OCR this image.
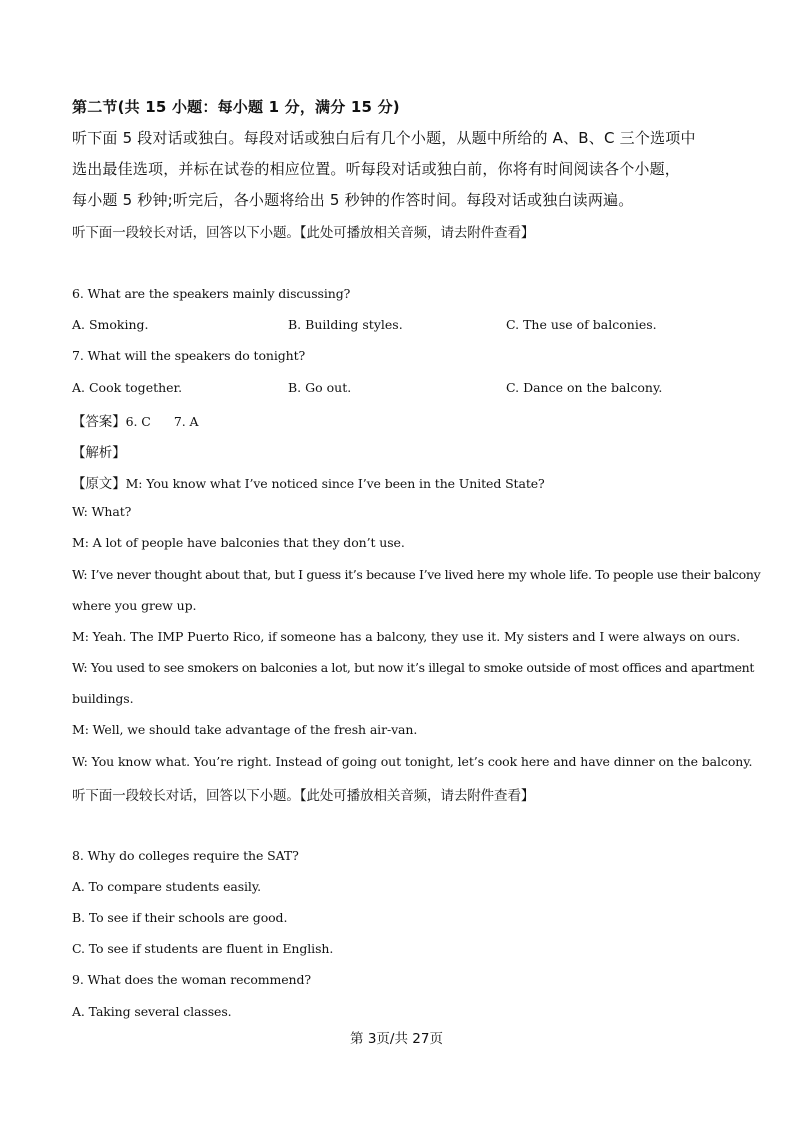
第二节(共 15 小题：每小题 1 分，满分 15 分)
听下面 5 段对话或独白。每段对话或独白后有几个小题，从题中所给的 A、B、C 三个选项中
选出最佳选项，并标在试卷的相应位置。听每段对话或独白前，你将有时间阅读各个小题，
每小题 5 秒钟;听完后，各小题将给出 5 秒钟的作答时间。每段对话或独白读两遍。
听下面一段较长对话，回答以下小题。【此处可播放相关音频，请去附件查看】
6. What are the speakers mainly discussing?
A. Smoking.	B. Building styles.	C. The use of balconies.
7. What will the speakers do tonight?
A. Cook together.	B. Go out.	C. Dance on the balcony.
【答案】6. C      7. A
【解析】
【原文】M: You know what I’ve noticed since I’ve been in the United State?
W: What?
M: A lot of people have balconies that they don’t use.
W: I’ve never thought about that, but I guess it’s because I’ve lived here my whole life. To people use their balcony
where you grew up.
M: Yeah. The IMP Puerto Rico, if someone has a balcony, they use it. My sisters and I were always on ours.
W: You used to see smokers on balconies a lot, but now it’s illegal to smoke outside of most offices and apartment
buildings.
M: Well, we should take advantage of the fresh air-van.
W: You know what. You’re right. Instead of going out tonight, let’s cook here and have dinner on the balcony.
听下面一段较长对话，回答以下小题。【此处可播放相关音频，请去附件查看】
8. Why do colleges require the SAT?
A. To compare students easily.
B. To see if their schools are good.
C. To see if students are fluent in English.
9. What does the woman recommend?
A. Taking several classes.
第 3页/共 27页
